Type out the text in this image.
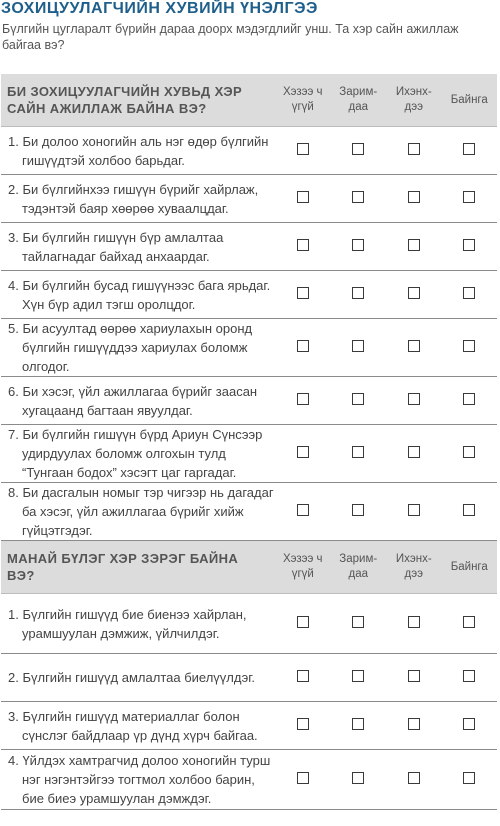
ЗОХИЦУУЛАГЧИЙН ХУВИЙН ҮНЭЛГЭЭ

Бүлгийн цугларалт бүрийн дараа доорх мэдэгдлийг унш. Та хэр сайн ажиллаж байгаа вэ?

БИ ЗОХИЦУУЛАГЧИЙН ХУВЬД ХЭР САЙН АЖИЛЛАЖ БАЙНА ВЭ?	Хэзээ ч үгүй	Зарим-даа	Ихэнх-дээ	Байнга
1. Би долоо хоногийн аль нэг өдөр бүлгийн гишүүдтэй холбоо барьдаг.				
2. Би бүлгийнхээ гишүүн бүрийг хайрлаж, тэдэнтэй баяр хөөрөө хуваалцдаг.				
3. Би бүлгийн гишүүн бүр амлалтаа тайлагнадаг байхад анхаардаг.				
4. Би бүлгийн бусад гишүүнээс бага ярьдаг. Хүн бүр адил тэгш оролцдог.				
5. Би асуултад өөрөө хариулахын оронд бүлгийн гишүүддээ хариулах боломж олгодог.				
6. Би хэсэг, үйл ажиллагаа бүрийг заасан хугацаанд багтаан явуулдаг.				
7. Би бүлгийн гишүүн бүрд Ариун Сүнсээр удирдуулах боломж олгохын тулд “Тунгаан бодох” хэсэгт цаг гаргадаг.				
8. Би дасгалын номыг тэр чигээр нь дагадаг ба хэсэг, үйл ажиллагаа бүрийг хийж гүйцэтгэдэг.				
МАНАЙ БҮЛЭГ ХЭР ЗЭРЭГ БАЙНА ВЭ?	Хэзээ ч үгүй	Зарим-даа	Ихэнх-дээ	Байнга
1. Бүлгийн гишүүд бие биенээ хайрлан, урамшуулан дэмжиж, үйлчилдэг.				
2. Бүлгийн гишүүд амлалтаа биелүүлдэг.				
3. Бүлгийн гишүүд материаллаг болон сүнслэг байдлаар үр дүнд хүрч байгаа.				
4. Үйлдэх хамтрагчид долоо хоногийн турш нэг нэгэнтэйгээ тогтмол холбоо барин, бие биеэ урамшуулан дэмждэг.				
